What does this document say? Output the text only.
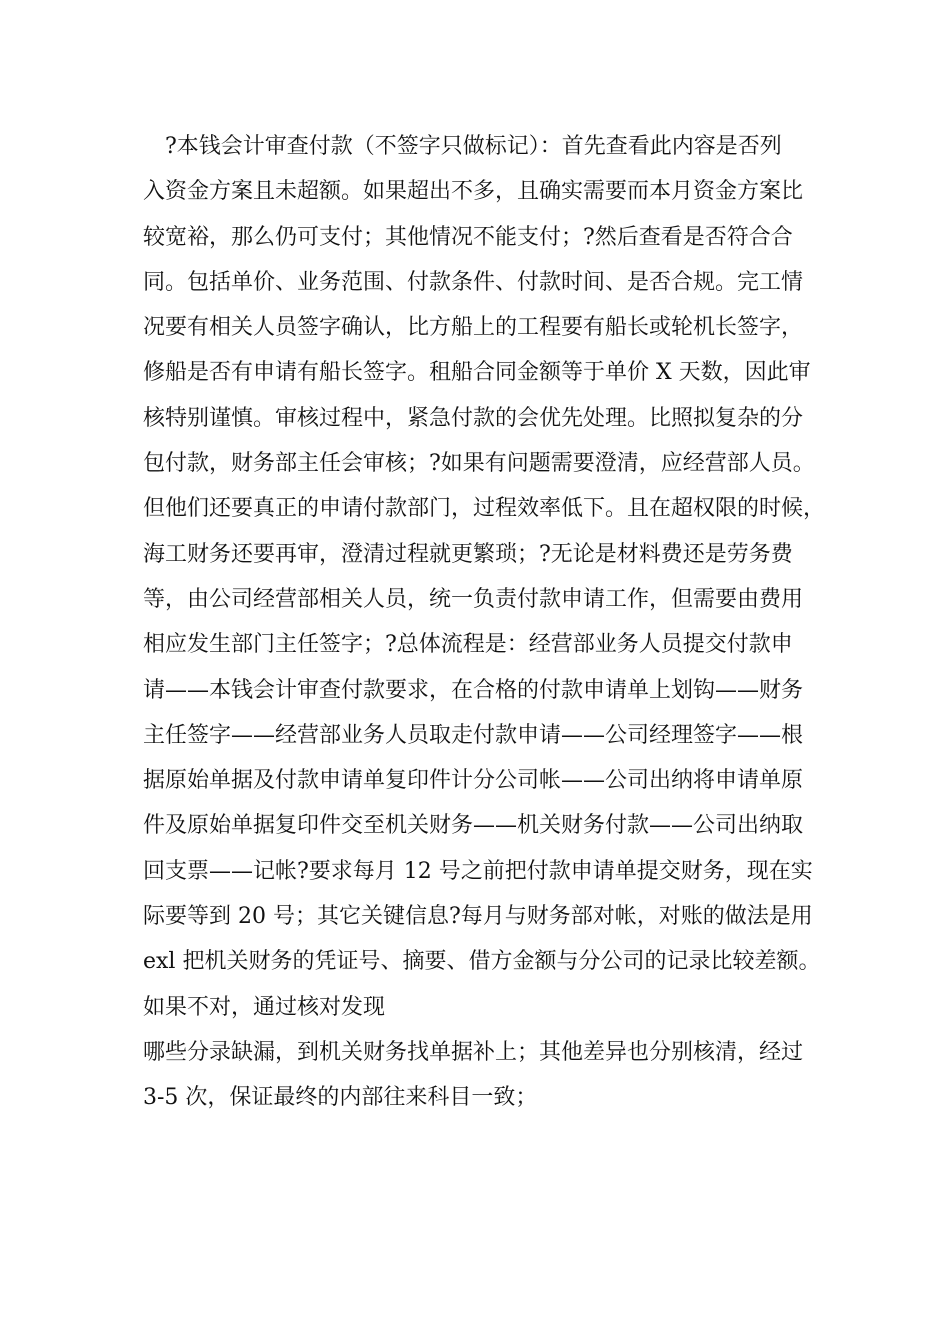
?本钱会计审查付款（不签字只做标记）：首先查看此内容是否列
入资金方案且未超额。如果超出不多，且确实需要而本月资金方案比
较宽裕，那么仍可支付；其他情况不能支付；?然后查看是否符合合
同。包括单价、业务范围、付款条件、付款时间、是否合规。完工情
况要有相关人员签字确认，比方船上的工程要有船长或轮机长签字，
修船是否有申请有船长签字。租船合同金额等于单价 X 天数，因此审
核特别谨慎。审核过程中，紧急付款的会优先处理。比照拟复杂的分
包付款，财务部主任会审核；?如果有问题需要澄清，应经营部人员。
但他们还要真正的申请付款部门，过程效率低下。且在超权限的时候，
海工财务还要再审，澄清过程就更繁琐；?无论是材料费还是劳务费
等，由公司经营部相关人员，统一负责付款申请工作，但需要由费用
相应发生部门主任签字；?总体流程是：经营部业务人员提交付款申
请——本钱会计审查付款要求，在合格的付款申请单上划钩——财务
主任签字——经营部业务人员取走付款申请——公司经理签字——根
据原始单据及付款申请单复印件计分公司帐——公司出纳将申请单原
件及原始单据复印件交至机关财务——机关财务付款——公司出纳取
回支票——记帐?要求每月 12 号之前把付款申请单提交财务，现在实
际要等到 20 号；其它关键信息?每月与财务部对帐，对账的做法是用
exl 把机关财务的凭证号、摘要、借方金额与分公司的记录比较差额。
如果不对，通过核对发现
哪些分录缺漏，到机关财务找单据补上；其他差异也分别核清，经过
3-5 次，保证最终的内部往来科目一致；
